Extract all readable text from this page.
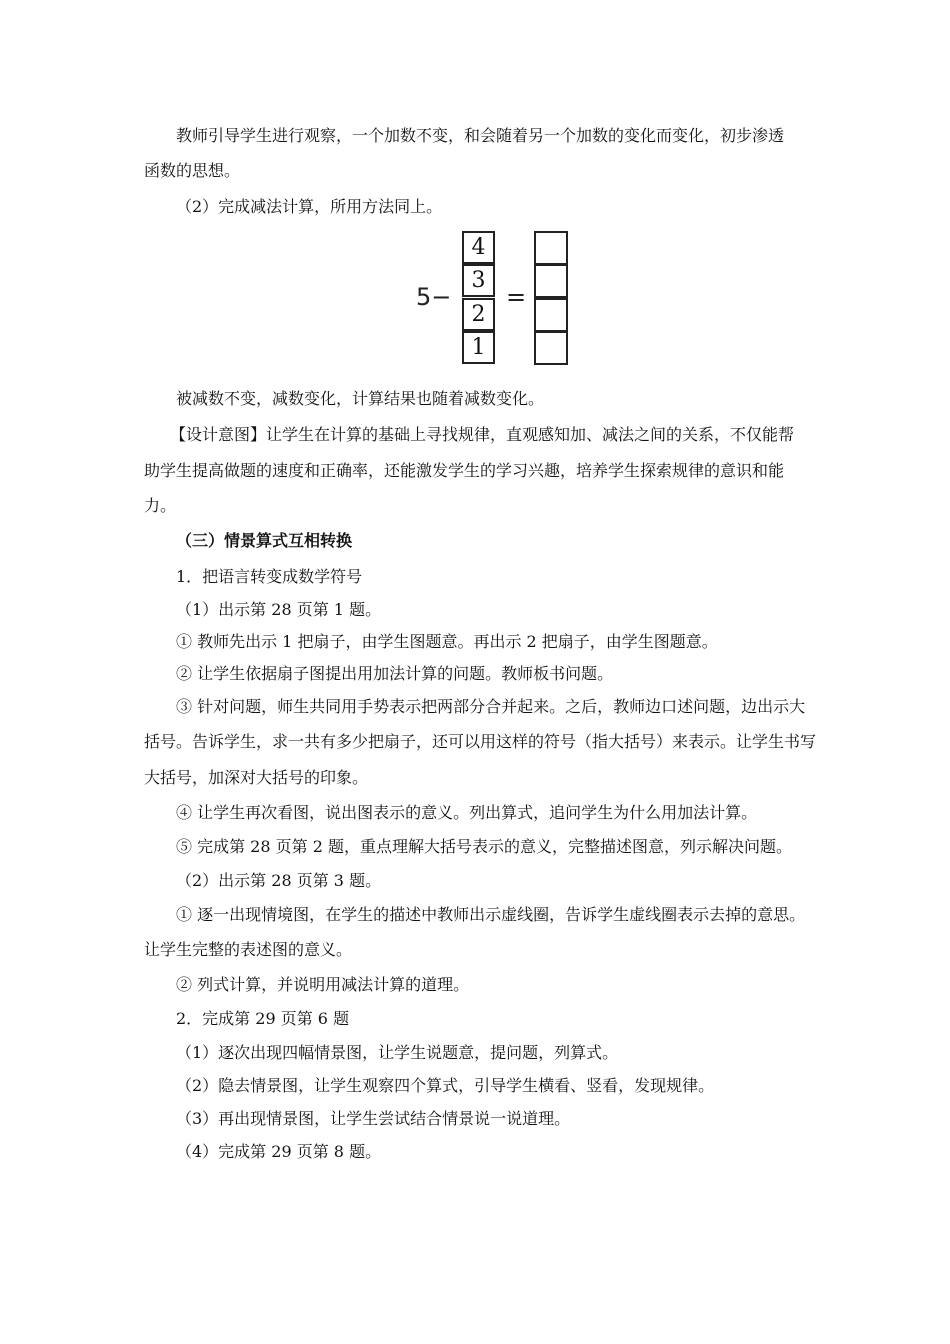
教师引导学生进行观察，一个加数不变，和会随着另一个加数的变化而变化，初步渗透
函数的思想。
（2）完成减法计算，所用方法同上。
5− =
4
3
2
1
被减数不变，减数变化，计算结果也随着减数变化。
【设计意图】让学生在计算的基础上寻找规律，直观感知加、减法之间的关系，不仅能帮
助学生提高做题的速度和正确率，还能激发学生的学习兴趣，培养学生探索规律的意识和能
力。
（三）情景算式互相转换
1．把语言转变成数学符号
（1）出示第 28 页第 1 题。
① 教师先出示 1 把扇子，由学生图题意。再出示 2 把扇子，由学生图题意。
② 让学生依据扇子图提出用加法计算的问题。教师板书问题。
③ 针对问题，师生共同用手势表示把两部分合并起来。之后，教师边口述问题，边出示大
括号。告诉学生，求一共有多少把扇子，还可以用这样的符号（指大括号）来表示。让学生书写
大括号，加深对大括号的印象。
④ 让学生再次看图，说出图表示的意义。列出算式，追问学生为什么用加法计算。
⑤ 完成第 28 页第 2 题，重点理解大括号表示的意义，完整描述图意，列示解决问题。
（2）出示第 28 页第 3 题。
① 逐一出现情境图，在学生的描述中教师出示虚线圈，告诉学生虚线圈表示去掉的意思。
让学生完整的表述图的意义。
② 列式计算，并说明用减法计算的道理。
2．完成第 29 页第 6 题
（1）逐次出现四幅情景图，让学生说题意，提问题，列算式。
（2）隐去情景图，让学生观察四个算式，引导学生横看、竖看，发现规律。
（3）再出现情景图，让学生尝试结合情景说一说道理。
（4）完成第 29 页第 8 题。
